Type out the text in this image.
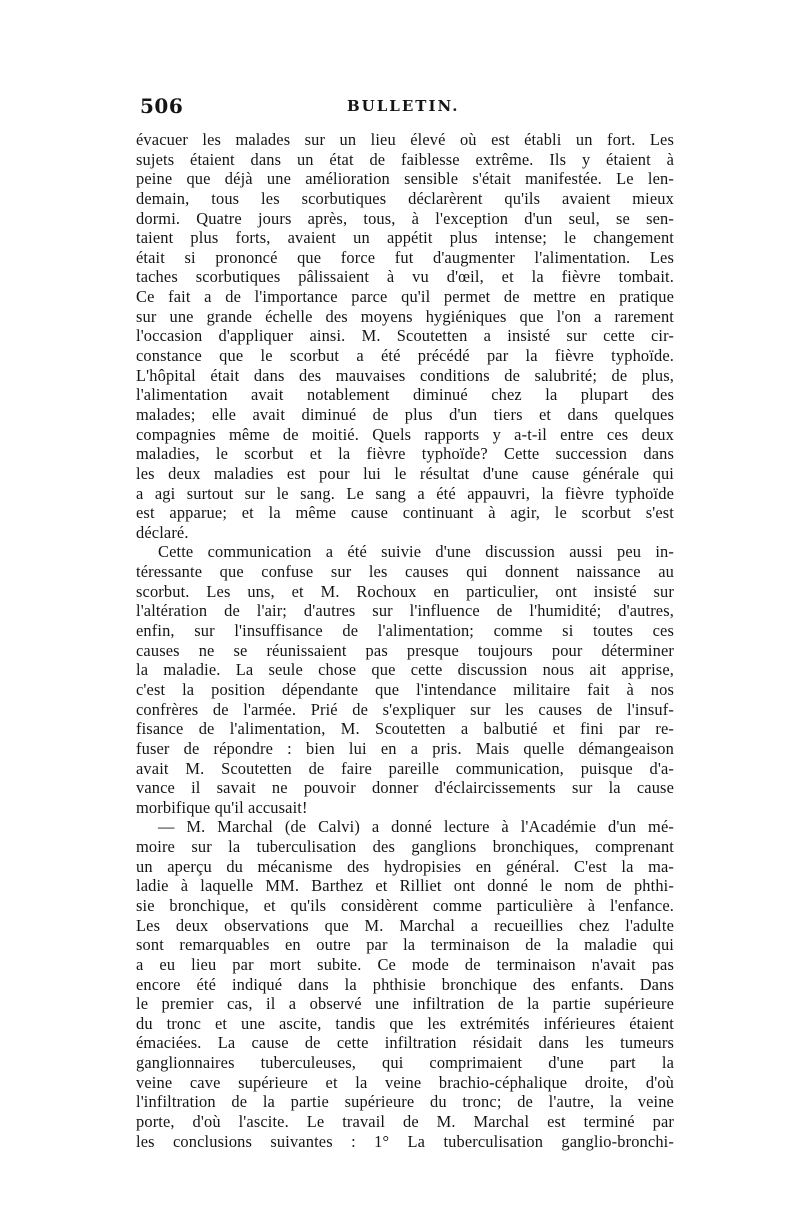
506	BULLETIN.
évacuer les malades sur un lieu élevé où est établi un fort. Les
sujets étaient dans un état de faiblesse extrême. Ils y étaient à
peine que déjà une amélioration sensible s'était manifestée. Le len-
demain, tous les scorbutiques déclarèrent qu'ils avaient mieux
dormi. Quatre jours après, tous, à l'exception d'un seul, se sen-
taient plus forts, avaient un appétit plus intense; le changement
était si prononcé que force fut d'augmenter l'alimentation. Les
taches scorbutiques pâlissaient à vu d'œil, et la fièvre tombait.
Ce fait a de l'importance parce qu'il permet de mettre en pratique
sur une grande échelle des moyens hygiéniques que l'on a rarement
l'occasion d'appliquer ainsi. M. Scoutetten a insisté sur cette cir-
constance que le scorbut a été précédé par la fièvre typhoïde.
L'hôpital était dans des mauvaises conditions de salubrité; de plus,
l'alimentation avait notablement diminué chez la plupart des
malades; elle avait diminué de plus d'un tiers et dans quelques
compagnies même de moitié. Quels rapports y a-t-il entre ces deux
maladies, le scorbut et la fièvre typhoïde? Cette succession dans
les deux maladies est pour lui le résultat d'une cause générale qui
a agi surtout sur le sang. Le sang a été appauvri, la fièvre typhoïde
est apparue; et la même cause continuant à agir, le scorbut s'est
déclaré.
Cette communication a été suivie d'une discussion aussi peu in-
téressante que confuse sur les causes qui donnent naissance au
scorbut. Les uns, et M. Rochoux en particulier, ont insisté sur
l'altération de l'air; d'autres sur l'influence de l'humidité; d'autres,
enfin, sur l'insuffisance de l'alimentation; comme si toutes ces
causes ne se réunissaient pas presque toujours pour déterminer
la maladie. La seule chose que cette discussion nous ait apprise,
c'est la position dépendante que l'intendance militaire fait à nos
confrères de l'armée. Prié de s'expliquer sur les causes de l'insuf-
fisance de l'alimentation, M. Scoutetten a balbutié et fini par re-
fuser de répondre : bien lui en a pris. Mais quelle démangeaison
avait M. Scoutetten de faire pareille communication, puisque d'a-
vance il savait ne pouvoir donner d'éclaircissements sur la cause
morbifique qu'il accusait!
— M. Marchal (de Calvi) a donné lecture à l'Académie d'un mé-
moire sur la tuberculisation des ganglions bronchiques, comprenant
un aperçu du mécanisme des hydropisies en général. C'est la ma-
ladie à laquelle MM. Barthez et Rilliet ont donné le nom de phthi-
sie bronchique, et qu'ils considèrent comme particulière à l'enfance.
Les deux observations que M. Marchal a recueillies chez l'adulte
sont remarquables en outre par la terminaison de la maladie qui
a eu lieu par mort subite. Ce mode de terminaison n'avait pas
encore été indiqué dans la phthisie bronchique des enfants. Dans
le premier cas, il a observé une infiltration de la partie supérieure
du tronc et une ascite, tandis que les extrémités inférieures étaient
émaciées. La cause de cette infiltration résidait dans les tumeurs
ganglionnaires tuberculeuses, qui comprimaient d'une part la
veine cave supérieure et la veine brachio-céphalique droite, d'où
l'infiltration de la partie supérieure du tronc; de l'autre, la veine
porte, d'où l'ascite. Le travail de M. Marchal est terminé par
les conclusions suivantes : 1° La tuberculisation ganglio-bronchi-
